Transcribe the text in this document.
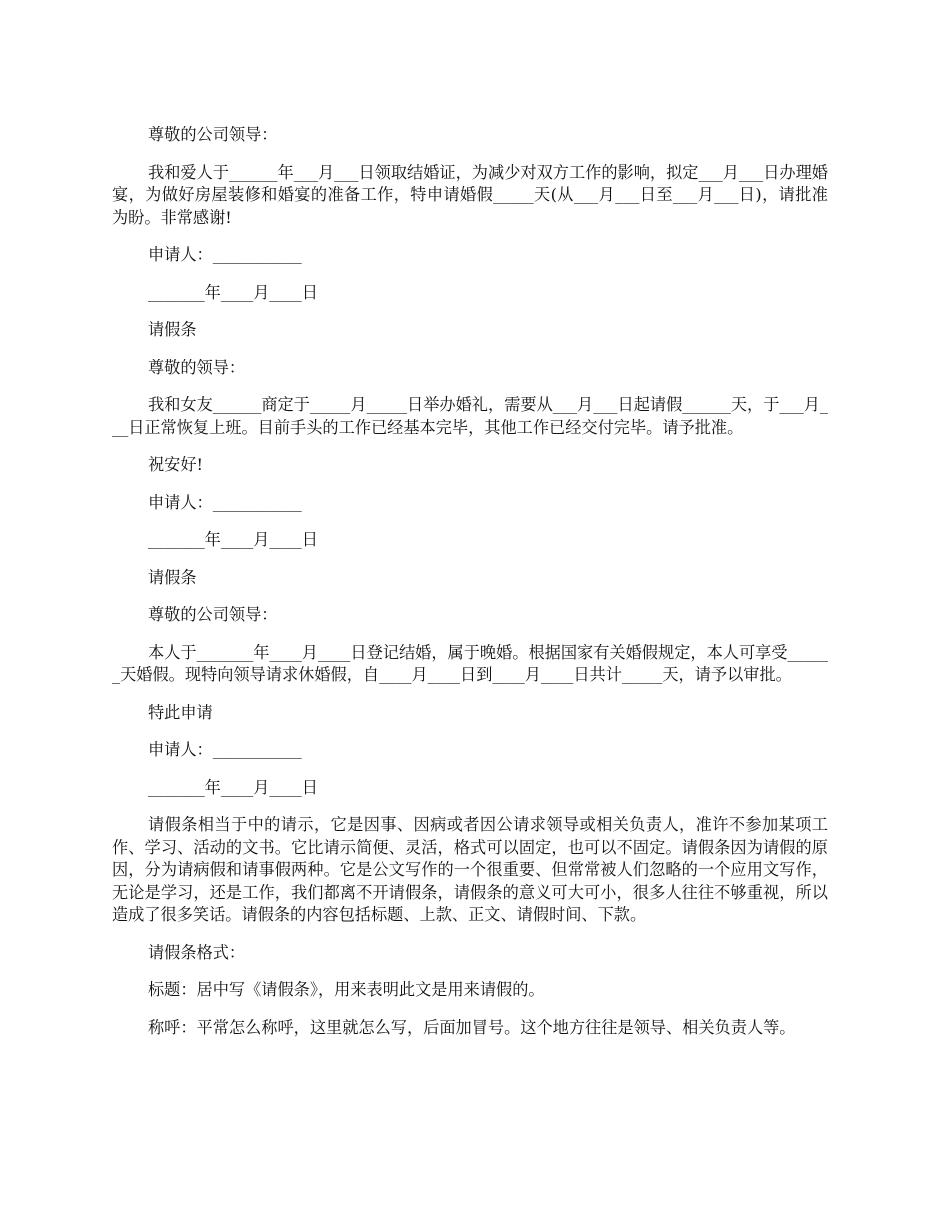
尊敬的公司领导：

我和爱人于______年___月___日领取结婚证，为减少对双方工作的影响，拟定___月___日办理婚宴，为做好房屋装修和婚宴的准备工作，特申请婚假_____天(从___月___日至___月___日)，请批准为盼。非常感谢!

申请人：___________

_______年____月____日

请假条

尊敬的领导：

我和女友______商定于_____月_____日举办婚礼，需要从___月___日起请假______天，于___月___日正常恢复上班。目前手头的工作已经基本完毕，其他工作已经交付完毕。请予批准。

祝安好!

申请人：___________

_______年____月____日

请假条

尊敬的公司领导：

本人于_______年____月____日登记结婚，属于晚婚。根据国家有关婚假规定，本人可享受______天婚假。现特向领导请求休婚假，自____月____日到____月____日共计_____天，请予以审批。

特此申请

申请人：___________

_______年____月____日

请假条相当于中的请示，它是因事、因病或者因公请求领导或相关负责人，准许不参加某项工作、学习、活动的文书。它比请示简便、灵活，格式可以固定，也可以不固定。请假条因为请假的原因，分为请病假和请事假两种。它是公文写作的一个很重要、但常常被人们忽略的一个应用文写作，无论是学习，还是工作，我们都离不开请假条，请假条的意义可大可小，很多人往往不够重视，所以造成了很多笑话。请假条的内容包括标题、上款、正文、请假时间、下款。

请假条格式：

标题：居中写《请假条》，用来表明此文是用来请假的。

称呼：平常怎么称呼，这里就怎么写，后面加冒号。这个地方往往是领导、相关负责人等。
